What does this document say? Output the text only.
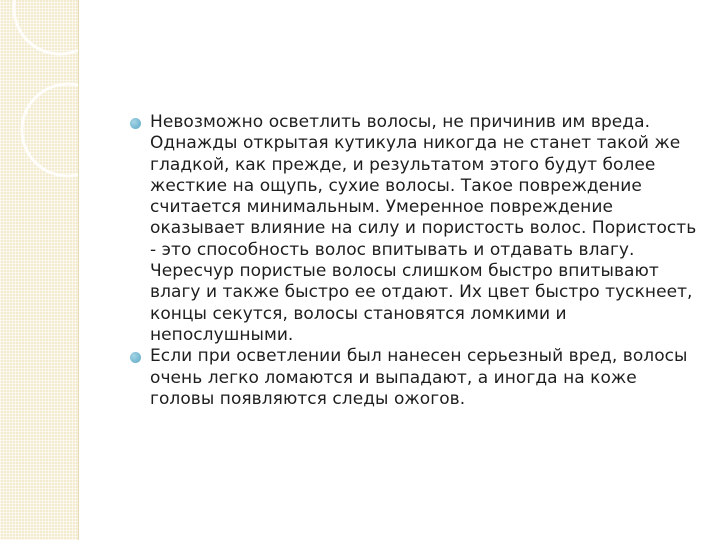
Невозможно осветлить волосы, не причинив им вреда. Однажды открытая кутикула никогда не станет такой же гладкой, как прежде, и результатом этого будут более жесткие на ощупь, сухие волосы. Такое повреждение считается минимальным. Умеренное повреждение оказывает влияние на силу и пористость волос. Пористость - это способность волос впитывать и отдавать влагу. Чересчур пористые волосы слишком быстро впитывают влагу и также быстро ее отдают. Их цвет быстро тускнеет, концы секутся, волосы становятся ломкими и непослушными.
Если при осветлении был нанесен серьезный вред, волосы очень легко ломаются и выпадают, а иногда на коже головы появляются следы ожогов.
